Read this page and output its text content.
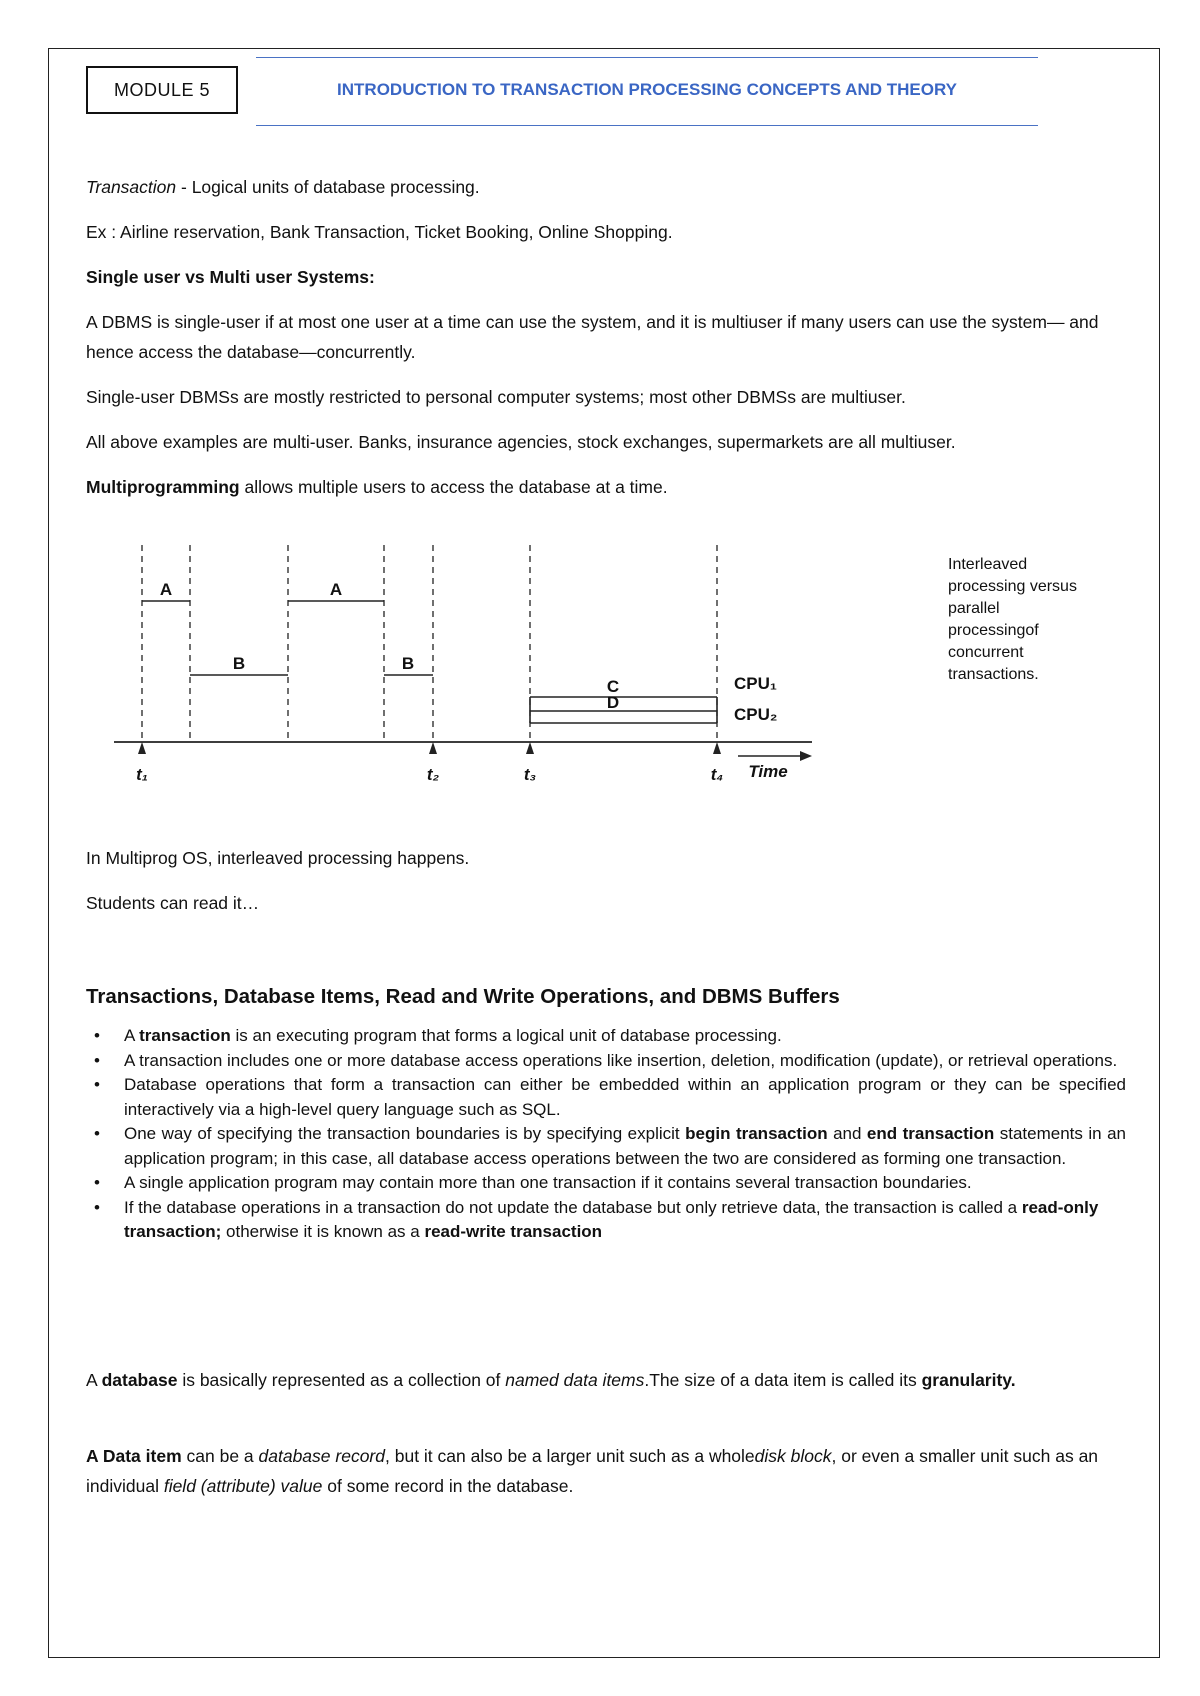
MODULE 5	INTRODUCTION TO TRANSACTION PROCESSING CONCEPTS AND THEORY

Transaction - Logical units of database processing.

Ex : Airline reservation, Bank Transaction, Ticket Booking, Online Shopping.

Single user vs Multi user Systems:

A DBMS is single-user if at most one user at a time can use the system, and it is multiuser if many users can use the system— and hence access the database—concurrently.

Single-user DBMSs are mostly restricted to personal computer systems; most other DBMSs are multiuser.

All above examples are multi-user. Banks, insurance agencies, stock exchanges, supermarkets are all multiuser.

Multiprogramming allows multiple users to access the database at a time.

A	A
B	B
C
D
t₁	t₂	t₃	t₄ Time
CPU₁
CPU₂
Interleaved processing versus parallel processingof concurrent transactions.

In Multiprog OS, interleaved processing happens.

Students can read it…

Transactions, Database Items, Read and Write Operations, and DBMS Buffers
• A transaction is an executing program that forms a logical unit of database processing.
• A transaction includes one or more database access operations like insertion, deletion, modification (update), or retrieval operations.
• Database operations that form a transaction can either be embedded within an application program or they can be specified interactively via a high-level query language such as SQL.
• One way of specifying the transaction boundaries is by specifying explicit begin transaction and end transaction statements in an application program; in this case, all database access operations between the two are considered as forming one transaction.
• A single application program may contain more than one transaction if it contains several transaction boundaries.
• If the database operations in a transaction do not update the database but only retrieve data, the transaction is called a read-only transaction; otherwise it is known as a read-write transaction

A database is basically represented as a collection of named data items.The size of a data item is called its granularity.

A Data item can be a database record, but it can also be a larger unit such as a wholedisk block, or even a smaller unit such as an individual field (attribute) value of some record in the database.
